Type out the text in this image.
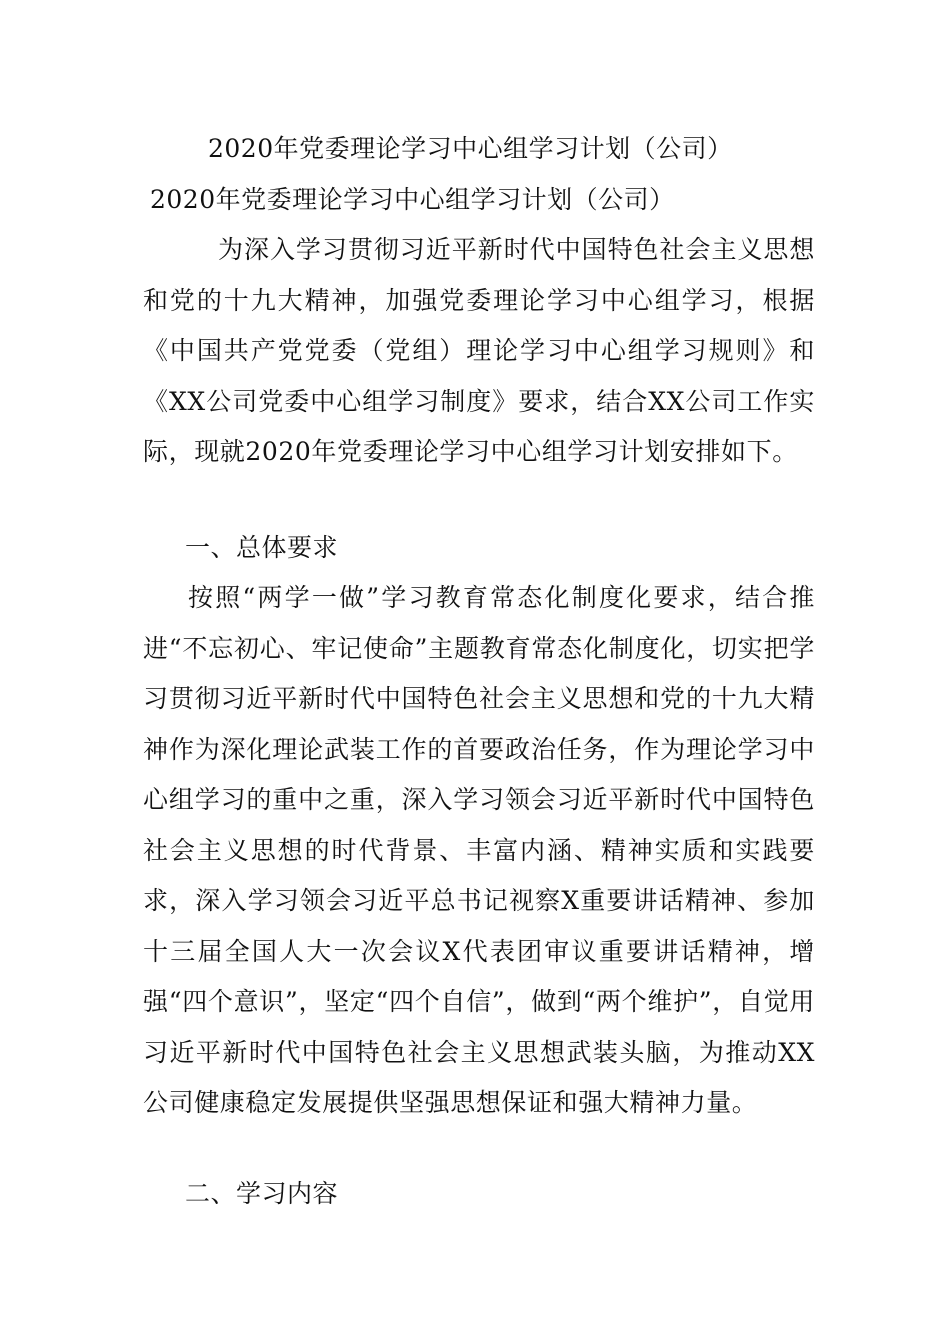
2020年党委理论学习中心组学习计划（公司）
2020年党委理论学习中心组学习计划（公司）

为深入学习贯彻习近平新时代中国特色社会主义思想和党的十九大精神，加强党委理论学习中心组学习，根据《中国共产党党委（党组）理论学习中心组学习规则》和《XX公司党委中心组学习制度》要求，结合XX公司工作实际，现就2020年党委理论学习中心组学习计划安排如下。

一、总体要求

按照“两学一做”学习教育常态化制度化要求，结合推进“不忘初心、牢记使命”主题教育常态化制度化，切实把学习贯彻习近平新时代中国特色社会主义思想和党的十九大精神作为深化理论武装工作的首要政治任务，作为理论学习中心组学习的重中之重，深入学习领会习近平新时代中国特色社会主义思想的时代背景、丰富内涵、精神实质和实践要求，深入学习领会习近平总书记视察X重要讲话精神、参加十三届全国人大一次会议X代表团审议重要讲话精神，增强“四个意识”，坚定“四个自信”，做到“两个维护”，自觉用习近平新时代中国特色社会主义思想武装头脑，为推动XX公司健康稳定发展提供坚强思想保证和强大精神力量。

二、学习内容
